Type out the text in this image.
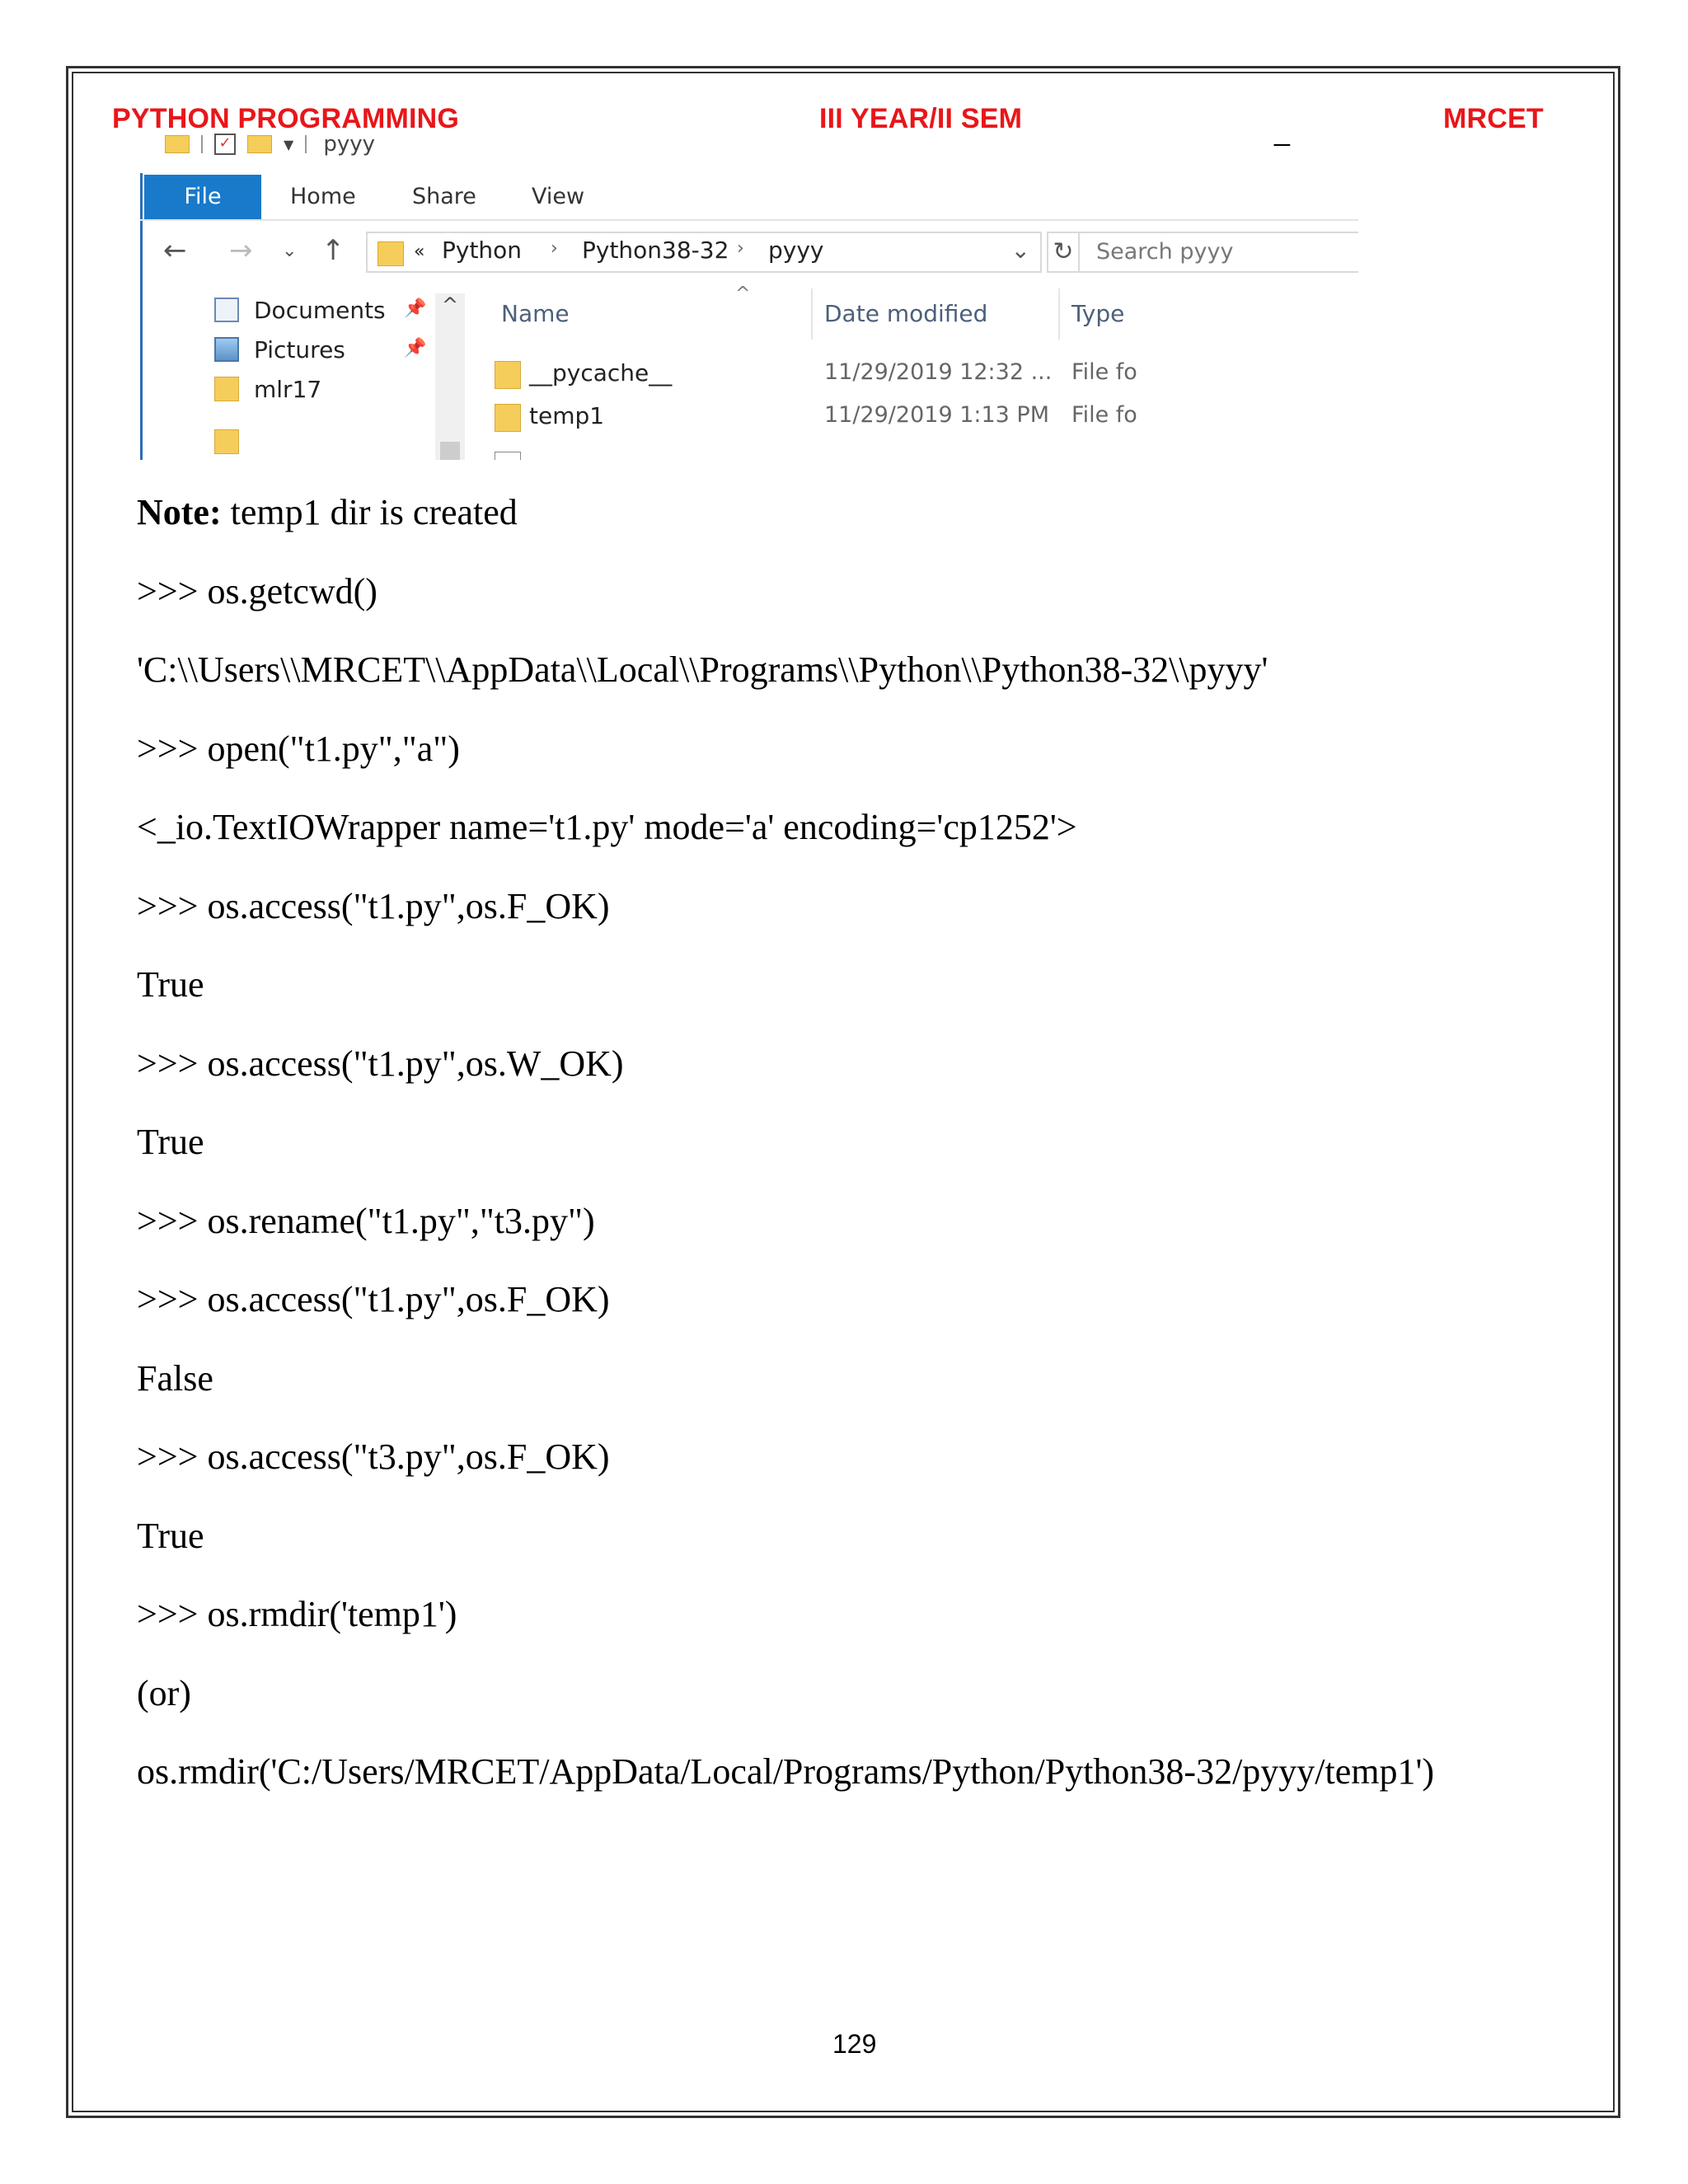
PYTHON PROGRAMMING	III YEAR/II SEM	_	MRCET
✓	▼ pyyy
File	Home	Share View
← → ⌄ ↑	« Python › Python38-32 › pyyy	⌄ ↻	Search pyyy
Documents 📌
Pictures	📌
mlr17
^	^
Name	Date modified	Type
__pycache__	11/29/2019 12:32 ... File fo
temp1	11/29/2019 1:13 PM File fo
Note: temp1 dir is created
>>> os.getcwd()
'C:\\Users\\MRCET\\AppData\\Local\\Programs\\Python\\Python38-32\\pyyy'
>>> open("t1.py","a")
<_io.TextIOWrapper name='t1.py' mode='a' encoding='cp1252'>
>>> os.access("t1.py",os.F_OK)
True
>>> os.access("t1.py",os.W_OK)
True
>>> os.rename("t1.py","t3.py")
>>> os.access("t1.py",os.F_OK)
False
>>> os.access("t3.py",os.F_OK)
True
>>> os.rmdir('temp1')
(or)
os.rmdir('C:/Users/MRCET/AppData/Local/Programs/Python/Python38-32/pyyy/temp1')
129
